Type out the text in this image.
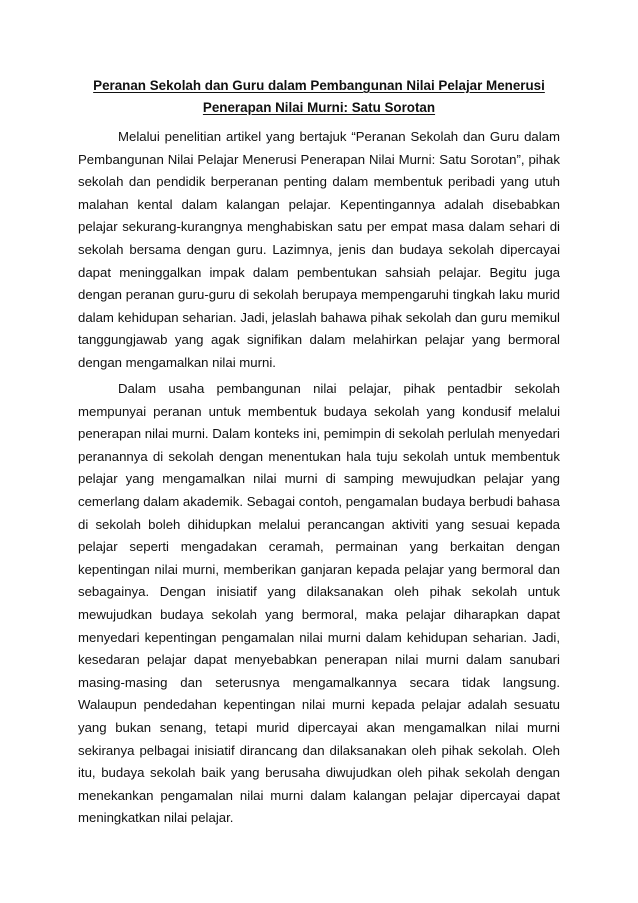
Peranan Sekolah dan Guru dalam Pembangunan Nilai Pelajar Menerusi
Penerapan Nilai Murni: Satu Sorotan

Melalui penelitian artikel yang bertajuk “Peranan Sekolah dan Guru dalam Pembangunan Nilai Pelajar Menerusi Penerapan Nilai Murni: Satu Sorotan”, pihak sekolah dan pendidik berperanan penting dalam membentuk peribadi yang utuh malahan kental dalam kalangan pelajar. Kepentingannya adalah disebabkan pelajar sekurang-kurangnya menghabiskan satu per empat masa dalam sehari di sekolah bersama dengan guru. Lazimnya, jenis dan budaya sekolah dipercayai dapat meninggalkan impak dalam pembentukan sahsiah pelajar. Begitu juga dengan peranan guru-guru di sekolah berupaya mempengaruhi tingkah laku murid dalam kehidupan seharian. Jadi, jelaslah bahawa pihak sekolah dan guru memikul tanggungjawab yang agak signifikan dalam melahirkan pelajar yang bermoral dengan mengamalkan nilai murni.

Dalam usaha pembangunan nilai pelajar, pihak pentadbir sekolah mempunyai peranan untuk membentuk budaya sekolah yang kondusif melalui penerapan nilai murni. Dalam konteks ini, pemimpin di sekolah perlulah menyedari peranannya di sekolah dengan menentukan hala tuju sekolah untuk membentuk pelajar yang mengamalkan nilai murni di samping mewujudkan pelajar yang cemerlang dalam akademik. Sebagai contoh, pengamalan budaya berbudi bahasa di sekolah boleh dihidupkan melalui perancangan aktiviti yang sesuai kepada pelajar seperti mengadakan ceramah, permainan yang berkaitan dengan kepentingan nilai murni, memberikan ganjaran kepada pelajar yang bermoral dan sebagainya. Dengan inisiatif yang dilaksanakan oleh pihak sekolah untuk mewujudkan budaya sekolah yang bermoral, maka pelajar diharapkan dapat menyedari kepentingan pengamalan nilai murni dalam kehidupan seharian. Jadi, kesedaran pelajar dapat menyebabkan penerapan nilai murni dalam sanubari masing-masing dan seterusnya mengamalkannya secara tidak langsung. Walaupun pendedahan kepentingan nilai murni kepada pelajar adalah sesuatu yang bukan senang, tetapi murid dipercayai akan mengamalkan nilai murni sekiranya pelbagai inisiatif dirancang dan dilaksanakan oleh pihak sekolah. Oleh itu, budaya sekolah baik yang berusaha diwujudkan oleh pihak sekolah dengan menekankan pengamalan nilai murni dalam kalangan pelajar dipercayai dapat meningkatkan nilai pelajar.
